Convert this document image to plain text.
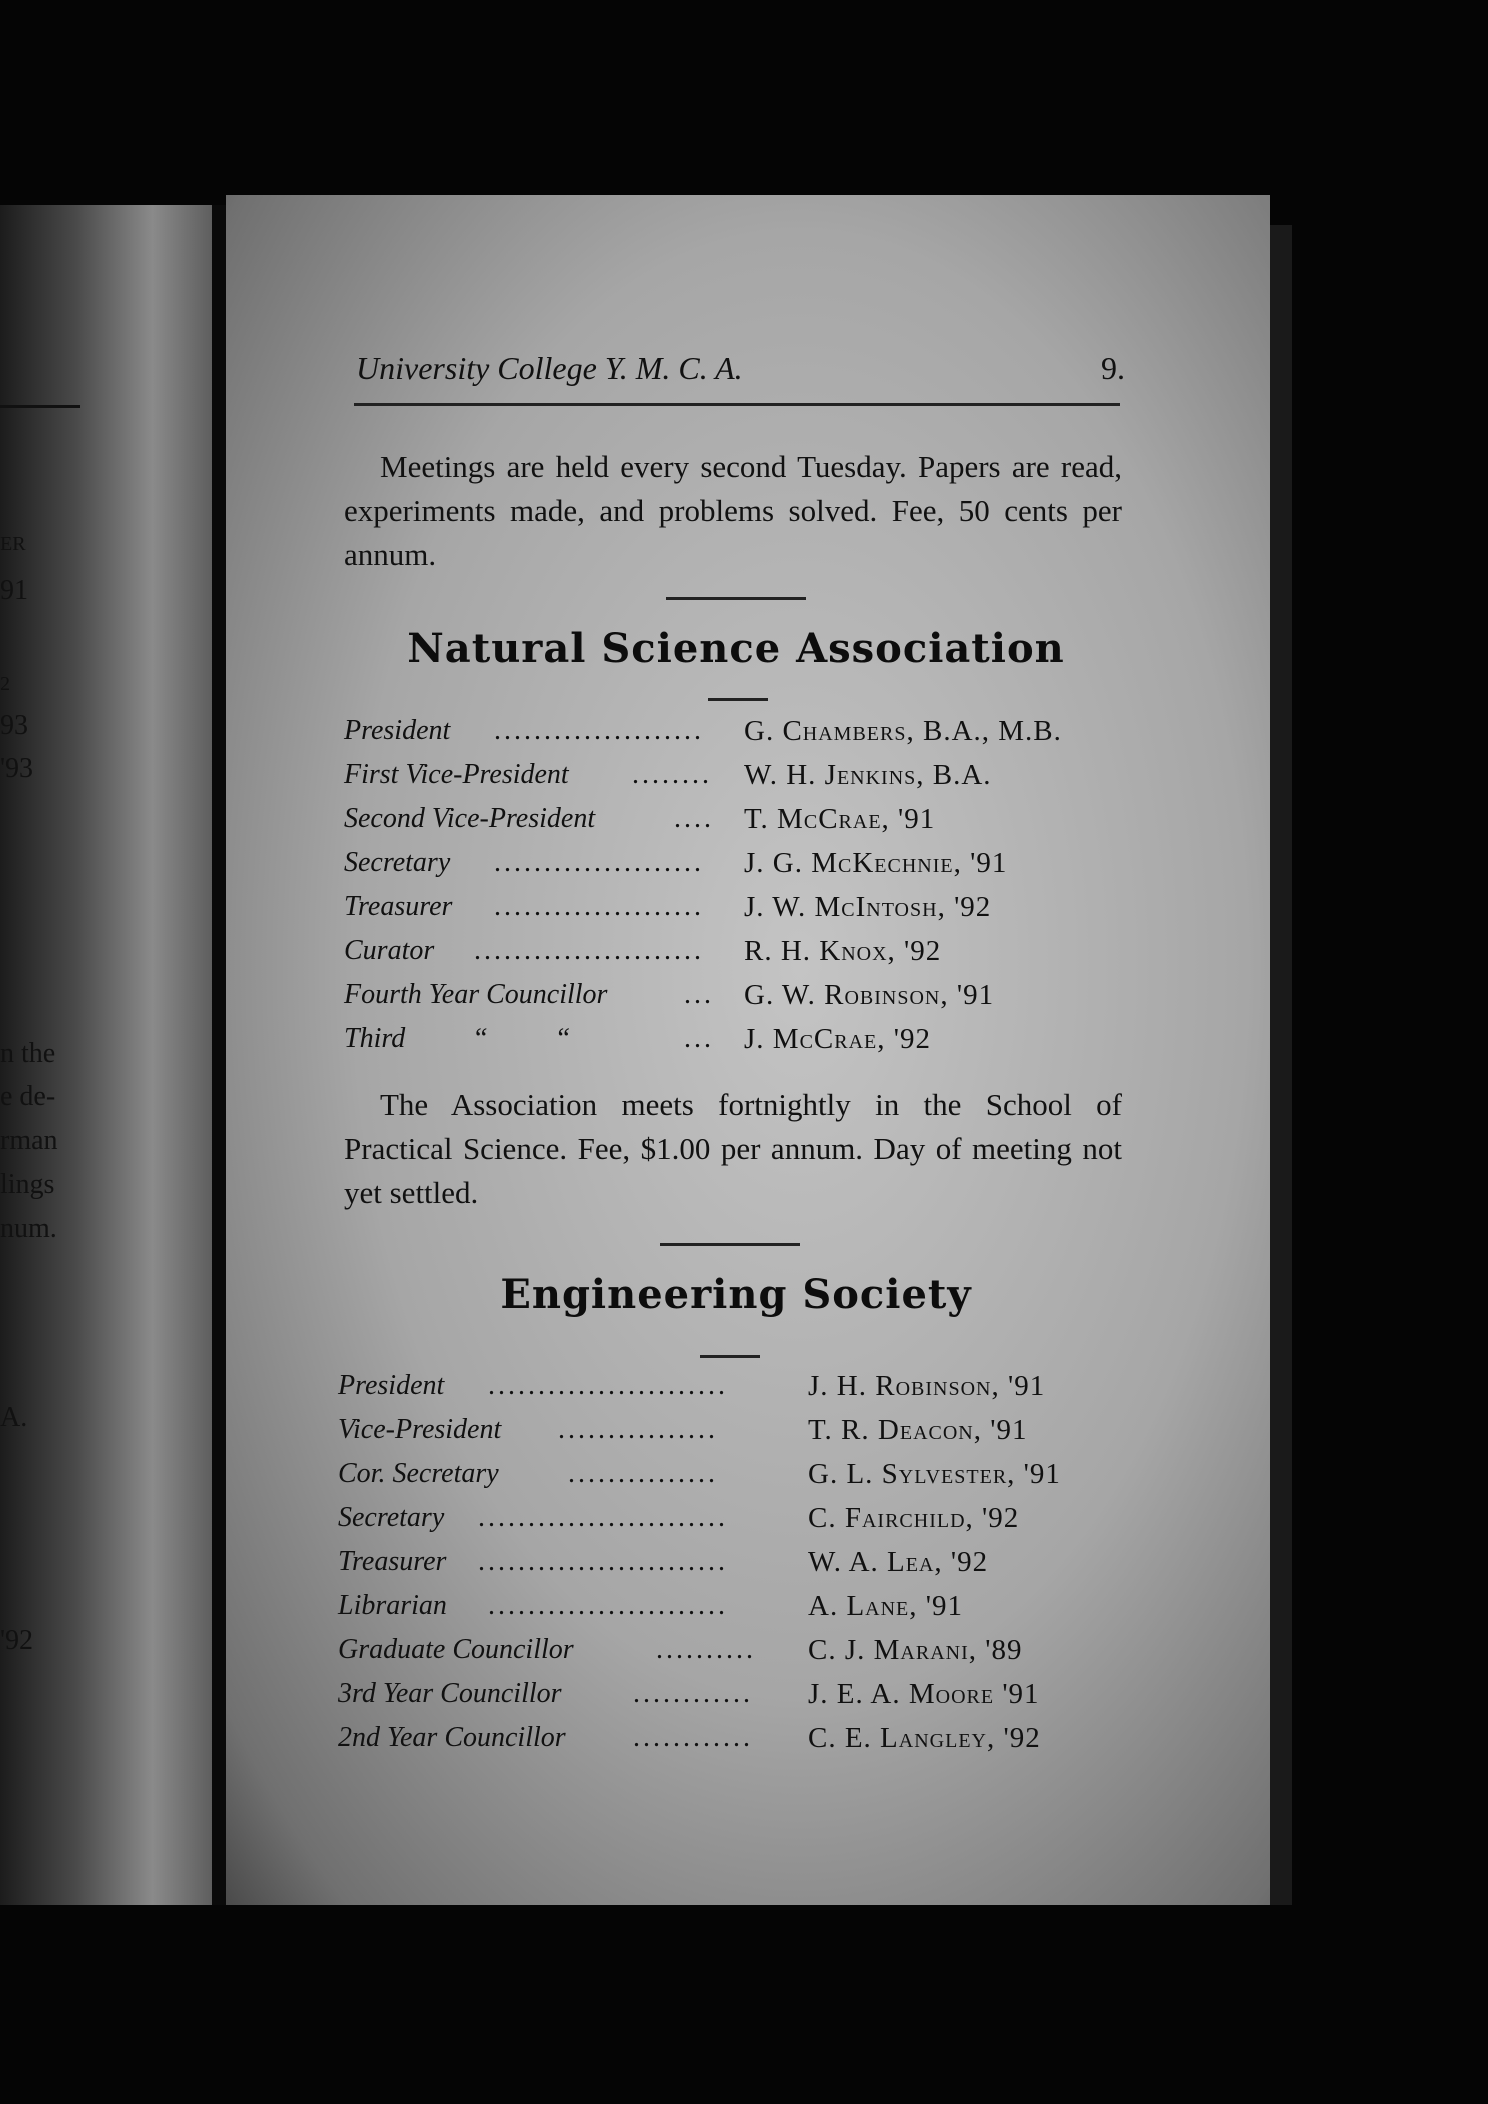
ER
91
2
93
'93
n the
e de-
rman
lings
num.
A.
'92
University College Y. M. C. A.	9.
Meetings are held every second Tuesday. Papers are read, experiments made, and problems solved. Fee, 50 cents per annum.
Natural Science Association
President ..................... G. Chambers, B.A., M.B.
First Vice-President ........ W. H. Jenkins, B.A.
Second Vice-President	.... T. McCrae, '91
Secretary ..................... J. G. McKechnie, '91
Treasurer ..................... J. W. McIntosh, '92
Curator ....................... R. H. Knox, '92
Fourth Year Councillor	... G. W. Robinson, '91
Third “ “	... J. McCrae, '92
The Association meets fortnightly in the School of Practical Science. Fee, $1.00 per annum. Day of meeting not yet settled.
Engineering Society
President ........................	J. H. Robinson, '91
Vice-President ................	T. R. Deacon, '91
Cor. Secretary ...............	G. L. Sylvester, '91
Secretary .........................	C. Fairchild, '92
Treasurer .........................	W. A. Lea, '92
Librarian ........................	A. Lane, '91
Graduate Councillor	.......... C. J. Marani, '89
3rd Year Councillor	............ J. E. A. Moore '91
2nd Year Councillor ............ C. E. Langley, '92
